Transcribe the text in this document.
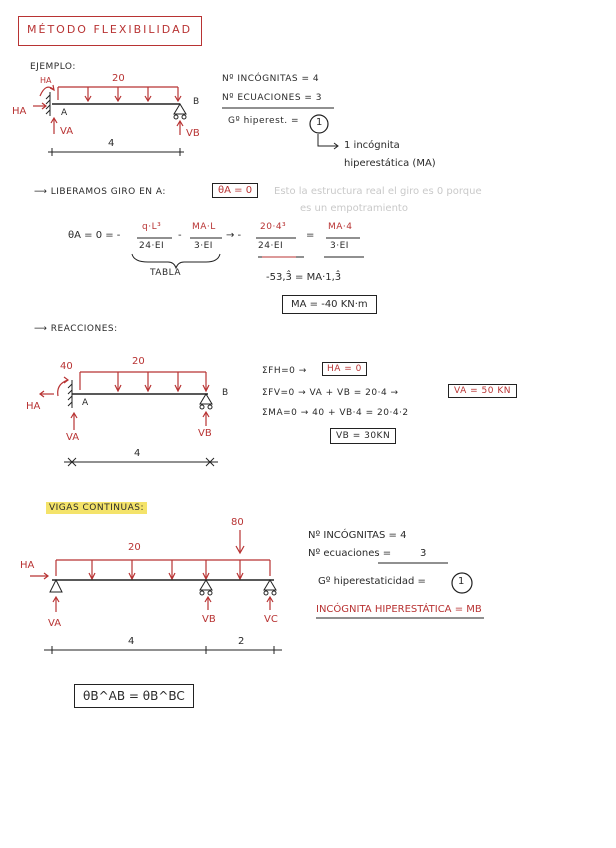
MÉTODO FLEXIBILIDAD
EJEMPLO:
20
HA
HA	A
B
VA	VB
4
Nº INCÓGNITAS = 4
Nº ECUACIONES = 3
Gº hiperest. = 1
1 incógnita
hiperestática (MA)
⟶ LIBERAMOS GIRO EN A:	θA = 0	Esto la estructura real el giro es 0 porque
es un empotramiento
θA = 0 = -
q·L³
24·EI
-
MA·L
3·EI
→ -
20·4³
24·EI
=
MA·4
3·EI
TABLA	-53,3̂ = MA·1,3̂
MA = -40 KN·m
⟶ REACCIONES:
40	20
HA	A
B
VA	VB
4
ΣFH=0 →	HA = 0
ΣFV=0 → VA + VB = 20·4 →	VA = 50 KN
ΣMA=0 → 40 + VB·4 = 20·4·2
VB = 30KN
VIGAS CONTINUAS:
80
20
HA
VA	VB	VC
4	2
Nº INCÓGNITAS = 4
Nº ecuaciones =	3
Gº hiperestaticidad =	1
INCÓGNITA HIPERESTÁTICA = MB
θB^AB = θB^BC
